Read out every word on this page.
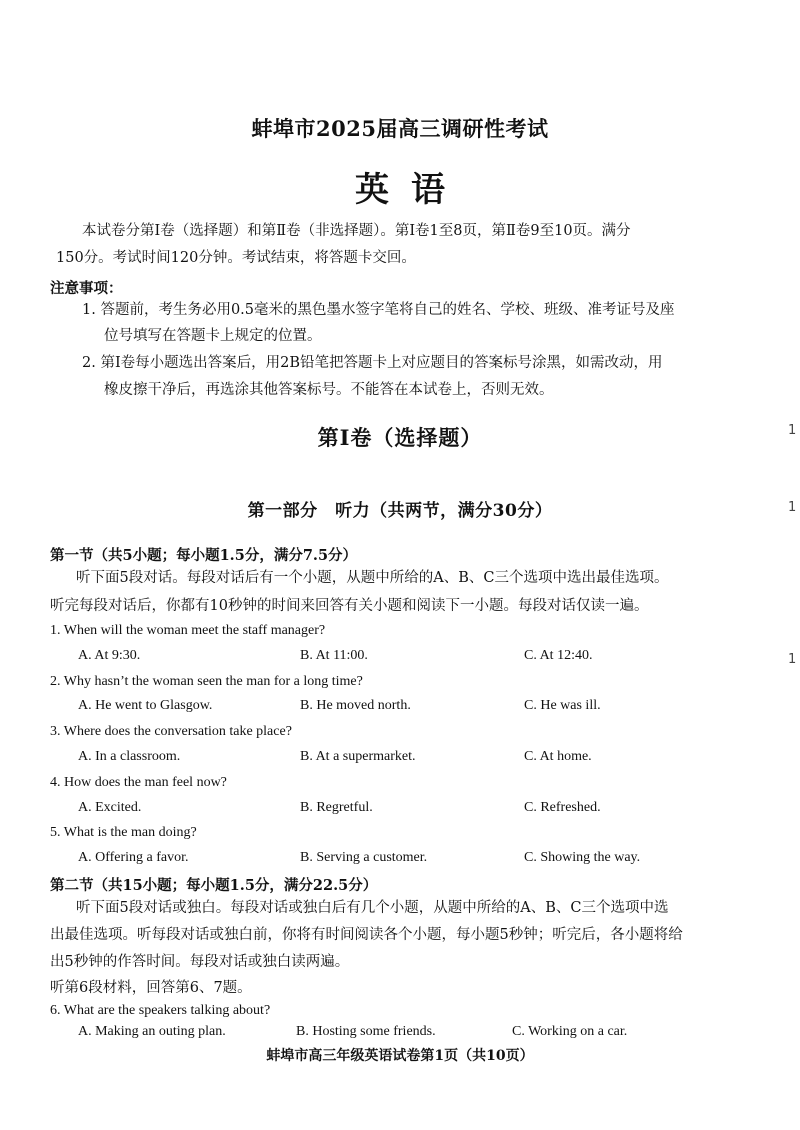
蚌埠市2025届高三调研性考试
英语
本试卷分第Ⅰ卷（选择题）和第Ⅱ卷（非选择题）。第Ⅰ卷1至8页，第Ⅱ卷9至10页。满分
150分。考试时间120分钟。考试结束，将答题卡交回。
注意事项：
1. 答题前，考生务必用0.5毫米的黑色墨水签字笔将自己的姓名、学校、班级、准考证号及座
位号填写在答题卡上规定的位置。
2. 第Ⅰ卷每小题选出答案后，用2B铅笔把答题卡上对应题目的答案标号涂黑，如需改动，用
橡皮擦干净后，再选涂其他答案标号。不能答在本试卷上，否则无效。
第Ⅰ卷（选择题）
第一部分　听力（共两节，满分30分）
第一节（共5小题；每小题1.5分，满分7.5分）
听下面5段对话。每段对话后有一个小题，从题中所给的A、B、C三个选项中选出最佳选项。
听完每段对话后，你都有10秒钟的时间来回答有关小题和阅读下一小题。每段对话仅读一遍。
1. When will the woman meet the staff manager?
A. At 9:30.	B. At 11:00.	C. At 12:40.
2. Why hasn’t the woman seen the man for a long time?
A. He went to Glasgow.	B. He moved north.	C. He was ill.
3. Where does the conversation take place?
A. In a classroom.	B. At a supermarket.	C. At home.
4. How does the man feel now?
A. Excited.	B. Regretful.	C. Refreshed.
5. What is the man doing?
A. Offering a favor.	B. Serving a customer.	C. Showing the way.
第二节（共15小题；每小题1.5分，满分22.5分）
听下面5段对话或独白。每段对话或独白后有几个小题，从题中所给的A、B、C三个选项中选
出最佳选项。听每段对话或独白前，你将有时间阅读各个小题，每小题5秒钟；听完后，各小题将给
出5秒钟的作答时间。每段对话或独白读两遍。
听第6段材料，回答第6、7题。
6. What are the speakers talking about?
A. Making an outing plan.	B. Hosting some friends.	C. Working on a car.
蚌埠市高三年级英语试卷第1页（共10页）
1
1
1
